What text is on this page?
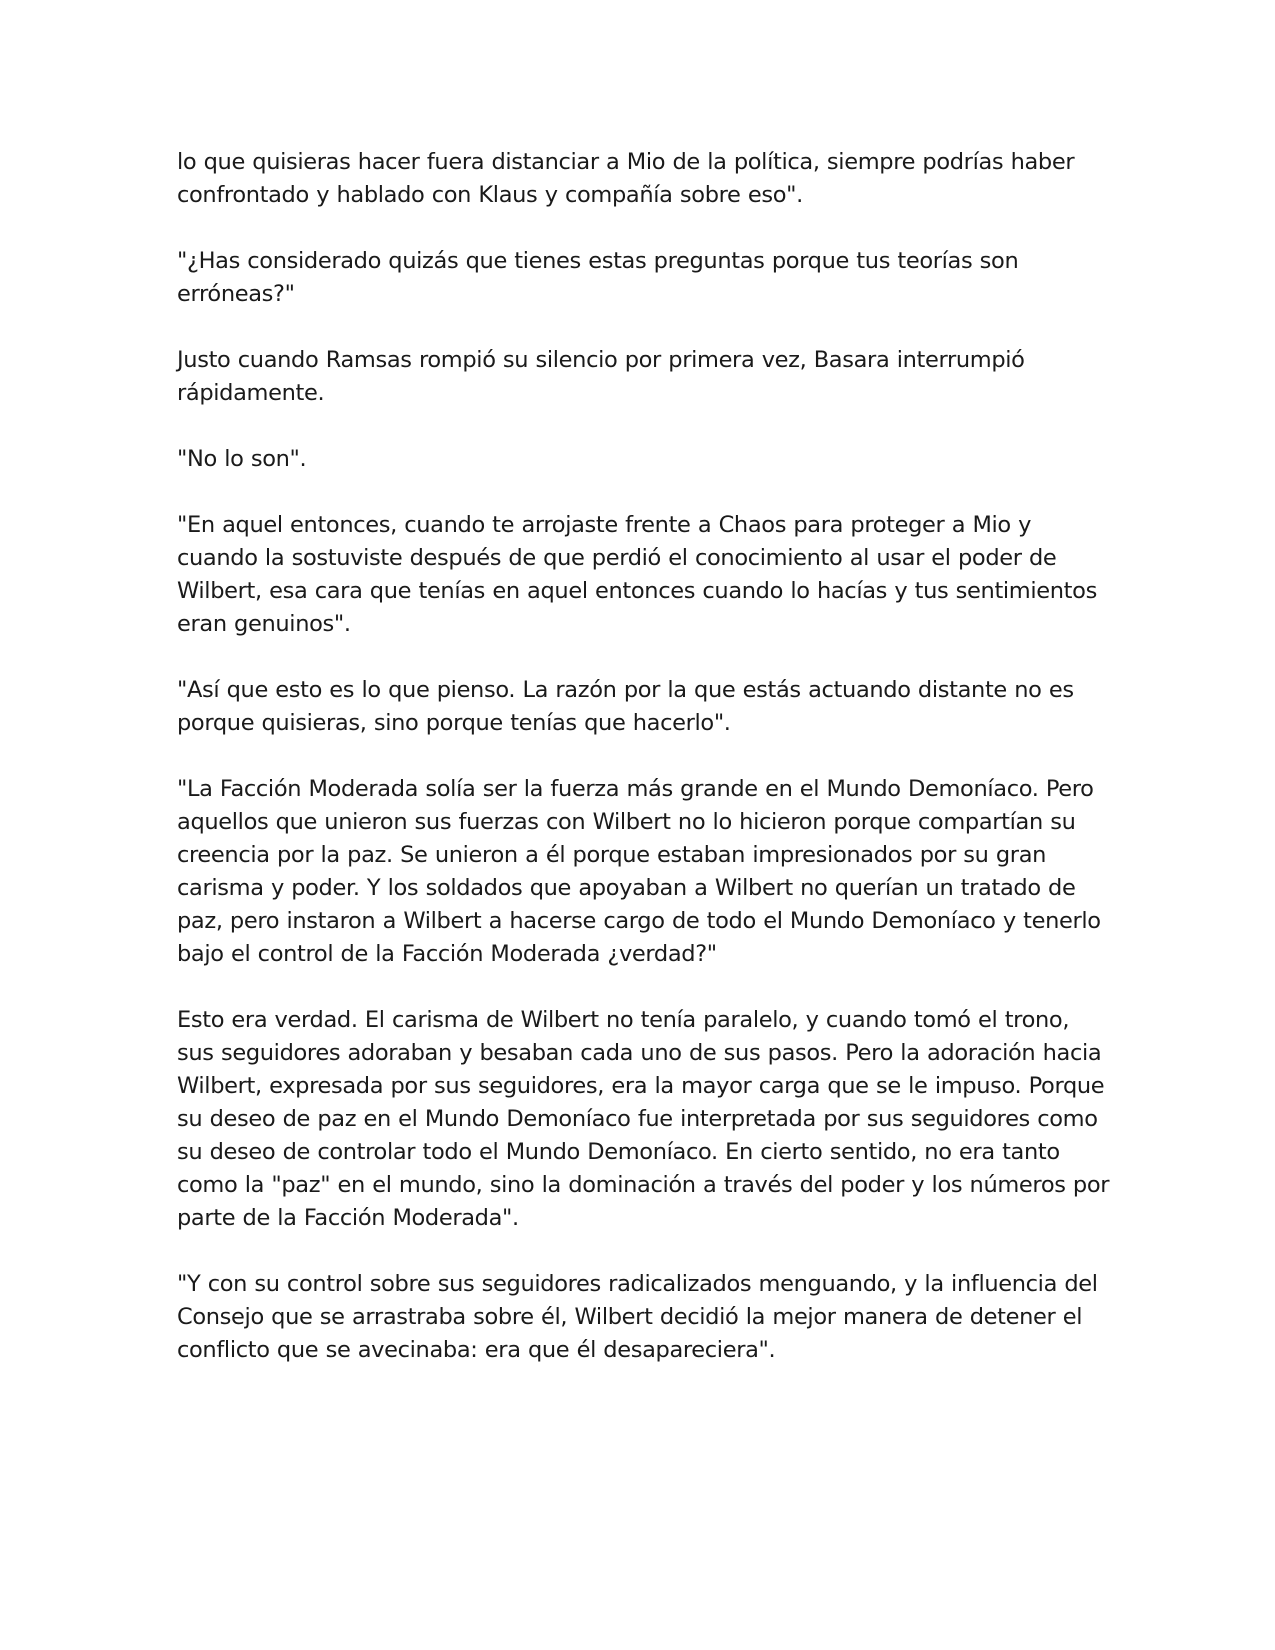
lo que quisieras hacer fuera distanciar a Mio de la política, siempre podrías haber confrontado y hablado con Klaus y compañía sobre eso".

"¿Has considerado quizás que tienes estas preguntas porque tus teorías son erróneas?"

Justo cuando Ramsas rompió su silencio por primera vez, Basara interrumpió rápidamente.

"No lo son".

"En aquel entonces, cuando te arrojaste frente a Chaos para proteger a Mio y cuando la sostuviste después de que perdió el conocimiento al usar el poder de Wilbert, esa cara que tenías en aquel entonces cuando lo hacías y tus sentimientos eran genuinos".

"Así que esto es lo que pienso. La razón por la que estás actuando distante no es porque quisieras, sino porque tenías que hacerlo".

"La Facción Moderada solía ser la fuerza más grande en el Mundo Demoníaco. Pero aquellos que unieron sus fuerzas con Wilbert no lo hicieron porque compartían su creencia por la paz. Se unieron a él porque estaban impresionados por su gran carisma y poder. Y los soldados que apoyaban a Wilbert no querían un tratado de paz, pero instaron a Wilbert a hacerse cargo de todo el Mundo Demoníaco y tenerlo bajo el control de la Facción Moderada ¿verdad?"

Esto era verdad. El carisma de Wilbert no tenía paralelo, y cuando tomó el trono, sus seguidores adoraban y besaban cada uno de sus pasos. Pero la adoración hacia Wilbert, expresada por sus seguidores, era la mayor carga que se le impuso. Porque su deseo de paz en el Mundo Demoníaco fue interpretada por sus seguidores como su deseo de controlar todo el Mundo Demoníaco. En cierto sentido, no era tanto como la "paz" en el mundo, sino la dominación a través del poder y los números por parte de la Facción Moderada".

"Y con su control sobre sus seguidores radicalizados menguando, y la influencia del Consejo que se arrastraba sobre él, Wilbert decidió la mejor manera de detener el conflicto que se avecinaba: era que él desapareciera".
